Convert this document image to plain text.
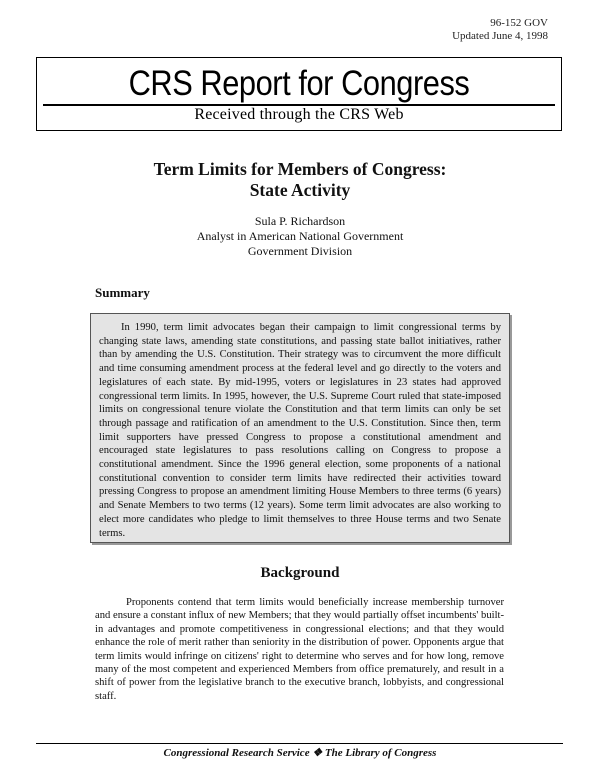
96-152 GOV
Updated June 4, 1998
CRS Report for Congress
Received through the CRS Web
Term Limits for Members of Congress:
State Activity
Sula P. Richardson
Analyst in American National Government
Government Division
Summary

In 1990, term limit advocates began their campaign to limit congressional terms by changing state laws, amending state constitutions, and passing state ballot initiatives, rather than by amending the U.S. Constitution. Their strategy was to circumvent the more difficult and time consuming amendment process at the federal level and go directly to the voters and legislatures of each state. By mid-1995, voters or legislatures in 23 states had approved congressional term limits. In 1995, however, the U.S. Supreme Court ruled that state-imposed limits on congressional tenure violate the Constitution and that term limits can only be set through passage and ratification of an amendment to the U.S. Constitution. Since then, term limit supporters have pressed Congress to propose a constitutional amendment and encouraged state legislatures to pass resolutions calling on Congress to propose a constitutional amendment. Since the 1996 general election, some proponents of a national constitutional convention to consider term limits have redirected their activities toward pressing Congress to propose an amendment limiting House Members to three terms (6 years) and Senate Members to two terms (12 years). Some term limit advocates are also working to elect more candidates who pledge to limit themselves to three House terms and two Senate terms.

Background

Proponents contend that term limits would beneficially increase membership turnover and ensure a constant influx of new Members; that they would partially offset incumbents' built-in advantages and promote competitiveness in congressional elections; and that they would enhance the role of merit rather than seniority in the distribution of power. Opponents argue that term limits would infringe on citizens' right to determine who serves and for how long, remove many of the most competent and experienced Members from office prematurely, and result in a shift of power from the legislative branch to the executive branch, lobbyists, and congressional staff.

Congressional Research Service ❖ The Library of Congress
